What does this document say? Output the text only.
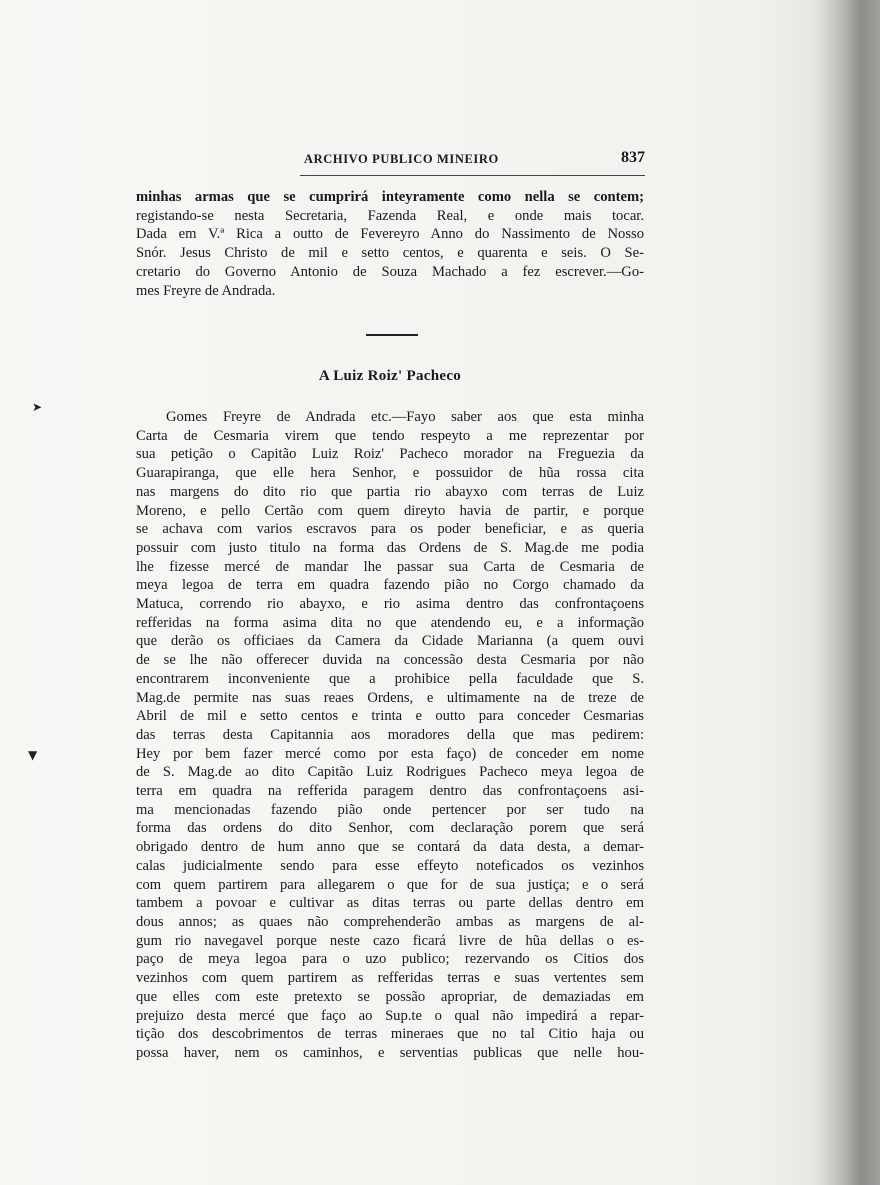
ARCHIVO PUBLICO MINEIRO	837
minhas armas que se cumprirá inteyramente como nella se contem;
registando-se nesta Secretaria, Fazenda Real, e onde mais tocar.
Dada em V.ª Rica a outto de Fevereyro Anno do Nassimento de Nosso
Snór. Jesus Christo de mil e setto centos, e quarenta e seis. O Se-
cretario do Governo Antonio de Souza Machado a fez escrever.—Go-
mes Freyre de Andrada.
A Luiz Roiz' Pacheco
➤
▼
Gomes Freyre de Andrada etc.—Fayo saber aos que esta minha
Carta de Cesmaria virem que tendo respeyto a me reprezentar por
sua petição o Capitão Luiz Roiz' Pacheco morador na Freguezia da
Guarapiranga, que elle hera Senhor, e possuidor de hũa rossa cita
nas margens do dito rio que partia rio abayxo com terras de Luiz
Moreno, e pello Certão com quem direyto havia de partir, e porque
se achava com varios escravos para os poder beneficiar, e as queria
possuir com justo titulo na forma das Ordens de S. Mag.de me podia
lhe fizesse mercé de mandar lhe passar sua Carta de Cesmaria de
meya legoa de terra em quadra fazendo pião no Corgo chamado da
Matuca, correndo rio abayxo, e rio asima dentro das confrontaçoens
refferidas na forma asima dita no que atendendo eu, e a informação
que derão os officiaes da Camera da Cidade Marianna (a quem ouvi
de se lhe não offerecer duvida na concessão desta Cesmaria por não
encontrarem inconveniente que a prohibice pella faculdade que S.
Mag.de permite nas suas reaes Ordens, e ultimamente na de treze de
Abril de mil e setto centos e trinta e outto para conceder Cesmarias
das terras desta Capitannia aos moradores della que mas pedirem:
Hey por bem fazer mercé como por esta faço) de conceder em nome
de S. Mag.de ao dito Capitão Luiz Rodrigues Pacheco meya legoa de
terra em quadra na refferida paragem dentro das confrontaçoens asi-
ma mencionadas fazendo pião onde pertencer por ser tudo na
forma das ordens do dito Senhor, com declaração porem que será
obrigado dentro de hum anno que se contará da data desta, a demar-
calas judicialmente sendo para esse effeyto noteficados os vezinhos
com quem partirem para allegarem o que for de sua justiça; e o será
tambem a povoar e cultivar as ditas terras ou parte dellas dentro em
dous annos; as quaes não comprehenderão ambas as margens de al-
gum rio navegavel porque neste cazo ficará livre de hũa dellas o es-
paço de meya legoa para o uzo publico; rezervando os Citios dos
vezinhos com quem partirem as refferidas terras e suas vertentes sem
que elles com este pretexto se possão apropriar, de demaziadas em
prejuizo desta mercé que faço ao Sup.te o qual não impedirá a repar-
tição dos descobrimentos de terras mineraes que no tal Citio haja ou
possa haver, nem os caminhos, e serventias publicas que nelle hou-
